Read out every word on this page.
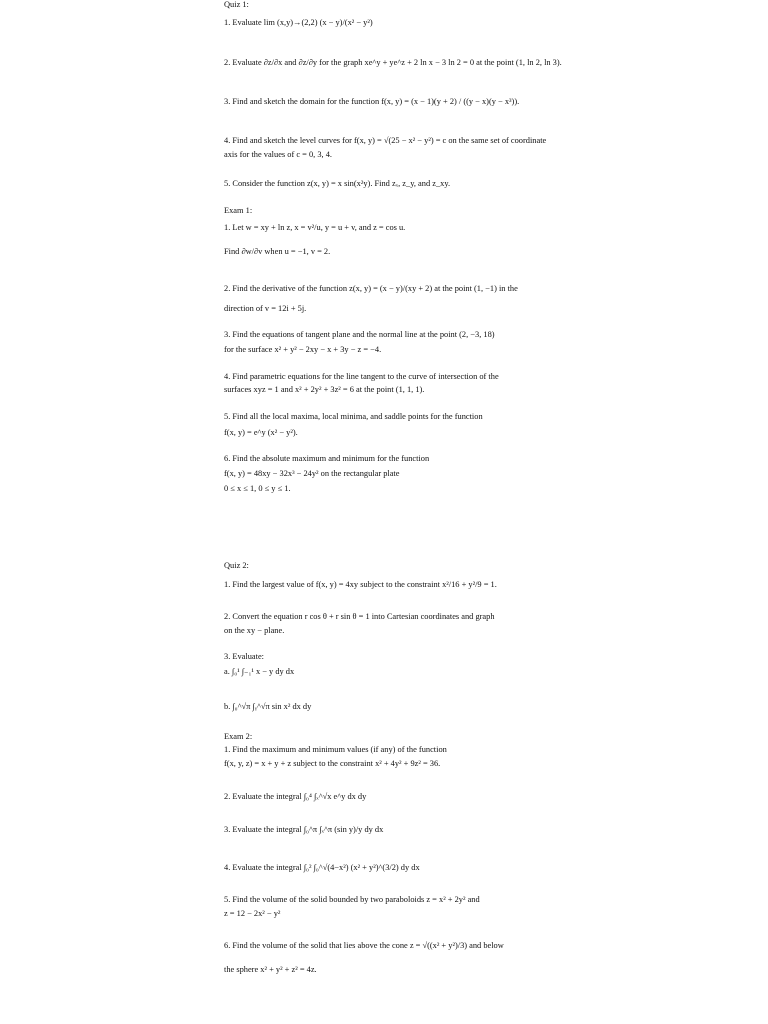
Quiz 1:
1. Evaluate lim (x,y)→(2,2) (x − y)/(x² − y²)
2. Evaluate ∂z/∂x and ∂z/∂y for the graph xe^y + ye^z + 2 ln x − 3 ln 2 = 0 at the point (1, ln 2, ln 3).
3. Find and sketch the domain for the function f(x, y) = (x − 1)(y + 2) / ((y − x)(y − x³)).
4. Find and sketch the level curves for f(x, y) = √(25 − x² − y²) = c on the same set of coordinate
axis for the values of c = 0, 3, 4.
5. Consider the function z(x, y) = x sin(x²y). Find zₓ, z_y, and z_xy.
Exam 1:
1. Let w = xy + ln z, x = v²/u, y = u + v, and z = cos u.
Find ∂w/∂v when u = −1, v = 2.
2. Find the derivative of the function z(x, y) = (x − y)/(xy + 2) at the point (1, −1) in the
direction of v = 12i + 5j.
3. Find the equations of tangent plane and the normal line at the point (2, −3, 18)
for the surface x² + y² − 2xy − x + 3y − z = −4.
4. Find parametric equations for the line tangent to the curve of intersection of the
surfaces xyz = 1 and x² + 2y² + 3z² = 6 at the point (1, 1, 1).
5. Find all the local maxima, local minima, and saddle points for the function
f(x, y) = e^y (x² − y²).
6. Find the absolute maximum and minimum for the function
f(x, y) = 48xy − 32x³ − 24y² on the rectangular plate
0 ≤ x ≤ 1, 0 ≤ y ≤ 1.
Quiz 2:
1. Find the largest value of f(x, y) = 4xy subject to the constraint x²/16 + y²/9 = 1.
2. Convert the equation r cos θ + r sin θ = 1 into Cartesian coordinates and graph
on the xy − plane.
3. Evaluate:
a. ∫₀¹ ∫₋₁¹ x − y dy dx
b. ∫₀^√π ∫ᵧ^√π sin x² dx dy
Exam 2:
1. Find the maximum and minimum values (if any) of the function
f(x, y, z) = x + y + z subject to the constraint x² + 4y² + 9z² = 36.
2. Evaluate the integral ∫₀⁴ ∫ₓ^√x e^y dx dy
3. Evaluate the integral ∫₀^π ∫ₓ^π (sin y)/y dy dx
4. Evaluate the integral ∫₀² ∫₀^√(4−x²) (x² + y²)^(3/2) dy dx
5. Find the volume of the solid bounded by two paraboloids z = x² + 2y² and
z = 12 − 2x² − y²
6. Find the volume of the solid that lies above the cone z = √((x² + y²)/3) and below
the sphere x² + y² + z² = 4z.
